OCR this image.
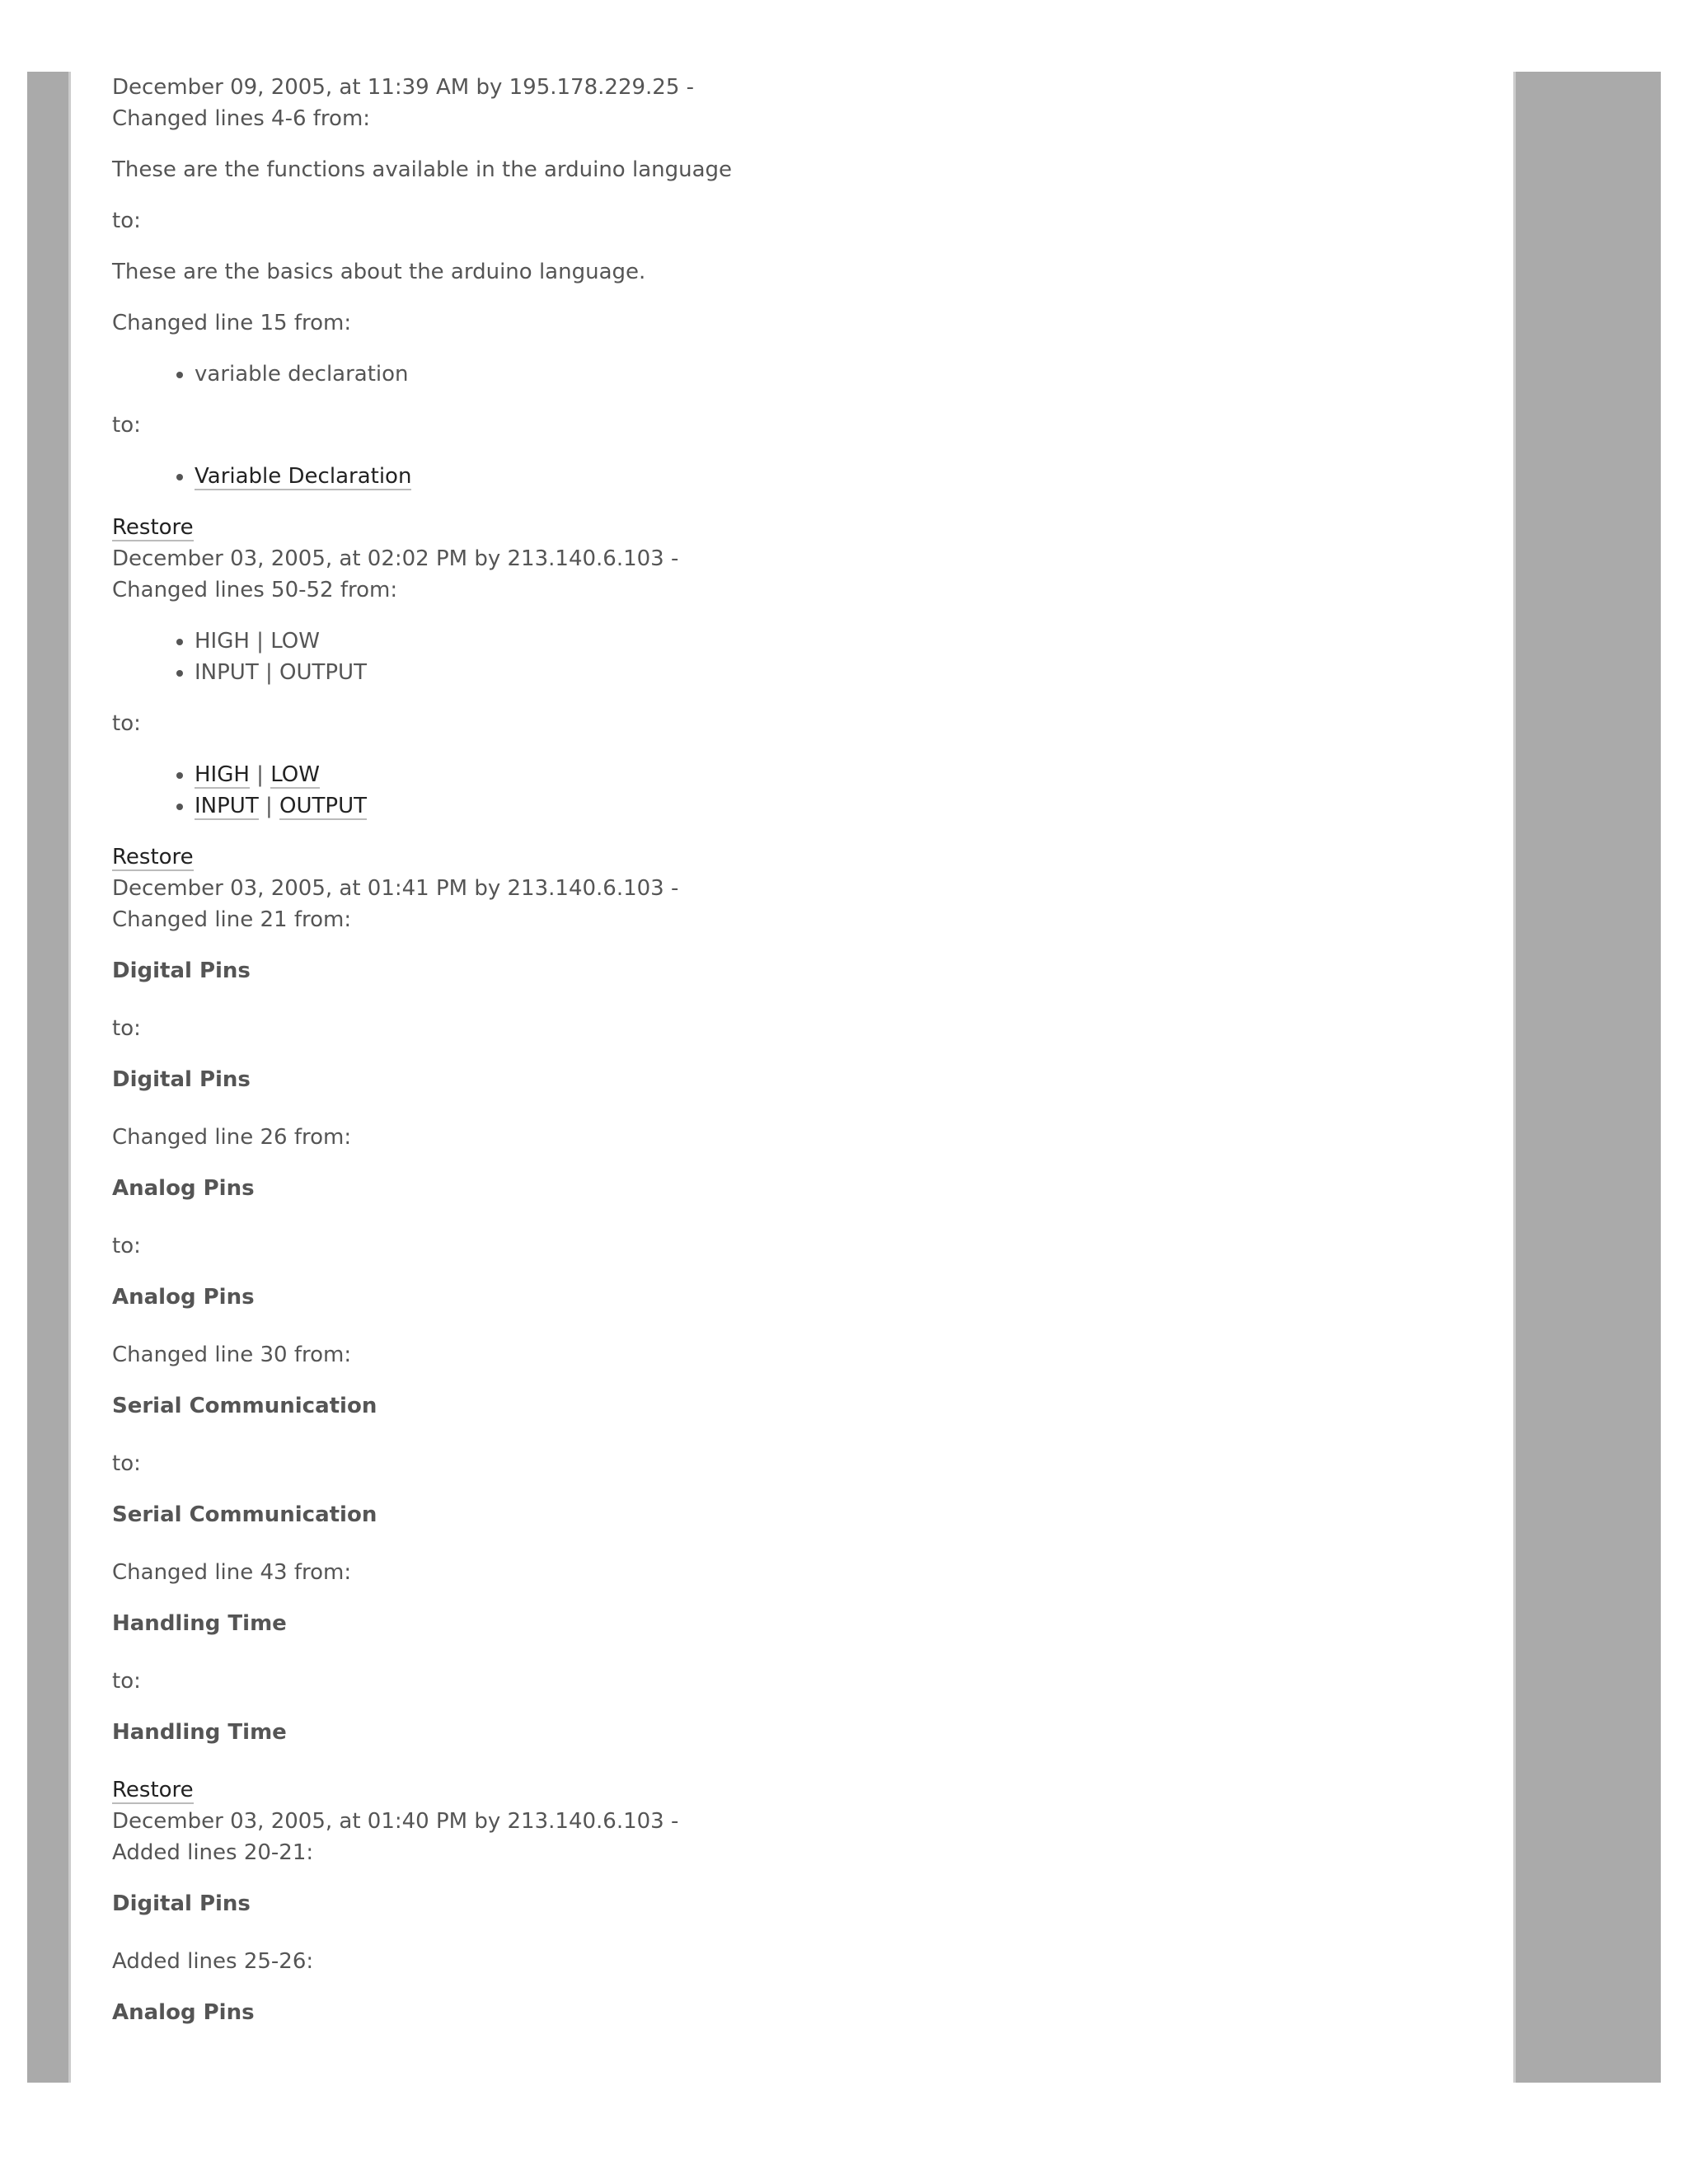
December 09, 2005, at 11:39 AM by 195.178.229.25 -

Changed lines 4-6 from:

These are the functions available in the arduino language

to:

These are the basics about the arduino language.

Changed line 15 from:

• variable declaration

to:

• Variable Declaration
Restore
December 03, 2005, at 02:02 PM by 213.140.6.103 -

Changed lines 50-52 from:

• HIGH | LOW
• INPUT | OUTPUT

to:

• HIGH | LOW
• INPUT | OUTPUT
Restore
December 03, 2005, at 01:41 PM by 213.140.6.103 -

Changed line 21 from:

Digital Pins

to:

Digital Pins

Changed line 26 from:

Analog Pins

to:

Analog Pins

Changed line 30 from:

Serial Communication

to:

Serial Communication

Changed line 43 from:

Handling Time

to:

Handling Time

Restore
December 03, 2005, at 01:40 PM by 213.140.6.103 -

Added lines 20-21:

Digital Pins

Added lines 25-26:

Analog Pins
